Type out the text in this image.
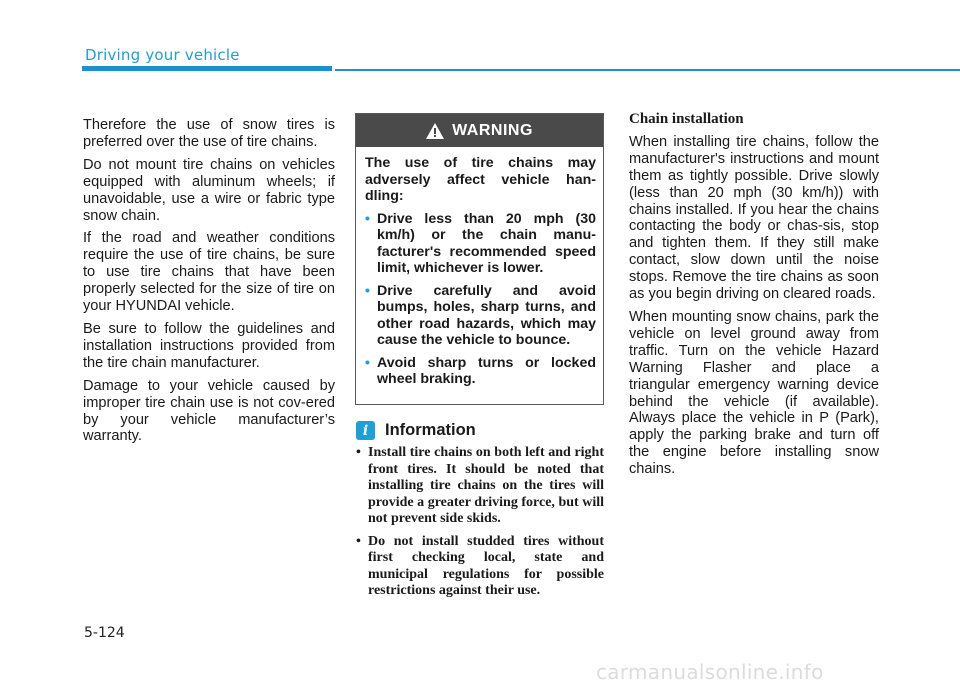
Driving your vehicle

Therefore the use of snow tires is preferred over the use of tire chains.

Do not mount tire chains on vehicles equipped with aluminum wheels; if unavoidable, use a wire or fabric type snow chain.

If the road and weather conditions require the use of tire chains, be sure to use tire chains that have been properly selected for the size of tire on your HYUNDAI vehicle.

Be sure to follow the guidelines and installation instructions provided from the tire chain manufacturer.

Damage to your vehicle caused by improper tire chain use is not cov-ered by your vehicle manufacturer’s warranty.

WARNING

The use of tire chains may adversely affect vehicle han-dling:

• Drive less than 20 mph (30 km/h) or the chain manu-facturer's recommended speed limit, whichever is lower.
• Drive carefully and avoid bumps, holes, sharp turns, and other road hazards, which may cause the vehicle to bounce.
• Avoid sharp turns or locked wheel braking.
i	Information
• Install tire chains on both left and right front tires. It should be noted that installing tire chains on the tires will provide a greater driving force, but will not prevent side skids.
• Do not install studded tires without first checking local, state and municipal regulations for possible restrictions against their use.
Chain installation

When installing tire chains, follow the manufacturer's instructions and mount them as tightly possible. Drive slowly (less than 20 mph (30 km/h)) with chains installed. If you hear the chains contacting the body or chas-sis, stop and tighten them. If they still make contact, slow down until the noise stops. Remove the tire chains as soon as you begin driving on cleared roads.

When mounting snow chains, park the vehicle on level ground away from traffic. Turn on the vehicle Hazard Warning Flasher and place a triangular emergency warning device behind the vehicle (if available). Always place the vehicle in P (Park), apply the parking brake and turn off the engine before installing snow chains.

5-124
carmanualsonline.info
